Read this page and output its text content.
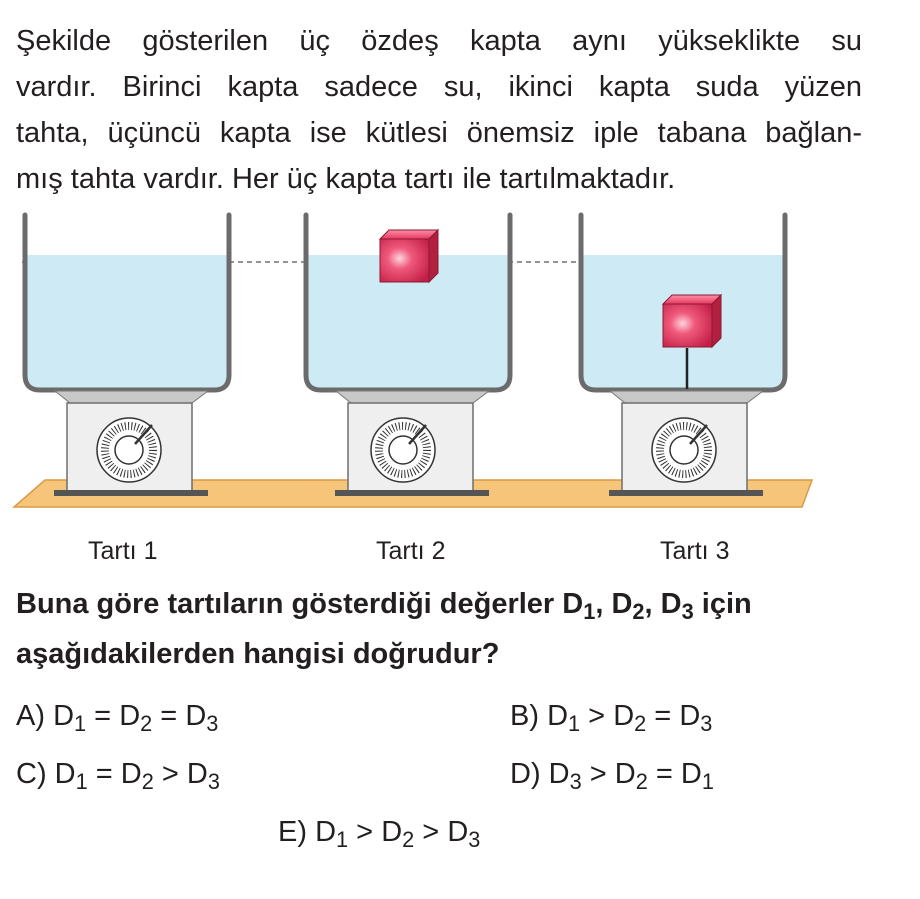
Şekilde gösterilen üç özdeş kapta aynı yükseklikte su
vardır. Birinci kapta sadece su, ikinci kapta suda yüzen
tahta, üçüncü kapta ise kütlesi önemsiz iple tabana bağlan-
mış tahta vardır. Her üç kapta tartı ile tartılmaktadır.
Tartı 1	Tartı 2	Tartı 3
Buna göre tartıların gösterdiği değerler $D_1$, $D_2$, $D_3$ için
aşağıdakilerden hangisi doğrudur?
A) $D_1 = D_2 = D_3$	B) $D_1 > D_2 = D_3$
C) $D_1 = D_2 > D_3$	D) $D_3 > D_2 = D_1$
E) $D_1 > D_2 > D_3$
